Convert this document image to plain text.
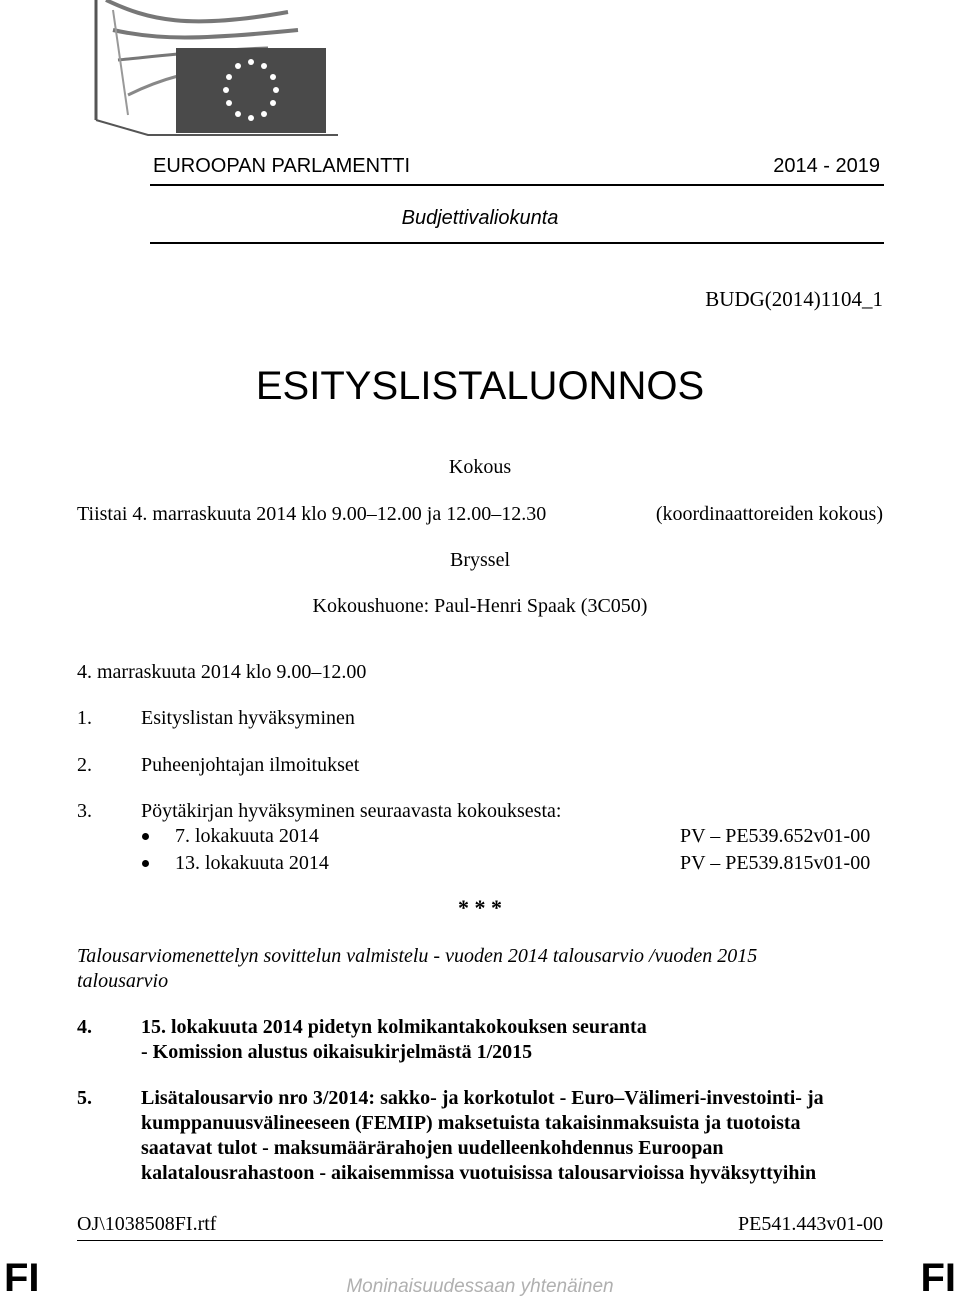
EUROOPAN PARLAMENTTI	2014 - 2019
Budjettivaliokunta
BUDG(2014)1104_1
ESITYSLISTALUONNOS
Kokous
Tiistai 4. marraskuuta 2014 klo 9.00–12.00 ja 12.00–12.30	(koordinaattoreiden kokous)
Bryssel
Kokoushuone: Paul-Henri Spaak (3C050)
4. marraskuuta 2014 klo 9.00–12.00
1. Esityslistan hyväksyminen
2. Puheenjohtajan ilmoitukset
3. Pöytäkirjan hyväksyminen seuraavasta kokouksesta:
7. lokakuuta 2014	PV – PE539.652v01-00
13. lokakuuta 2014	PV – PE539.815v01-00
* * *
Talousarviomenettelyn sovittelun valmistelu - vuoden 2014 talousarvio /vuoden 2015
talousarvio
4. 15. lokakuuta 2014 pidetyn kolmikantakokouksen seuranta
- Komission alustus oikaisukirjelmästä 1/2015
5. Lisätalousarvio nro 3/2014: sakko- ja korkotulot - Euro–Välimeri-investointi- ja
kumppanuusvälineeseen (FEMIP) maksetuista takaisinmaksuista ja tuotoista
saatavat tulot - maksumäärärahojen uudelleenkohdennus Euroopan
kalatalousrahastoon - aikaisemmissa vuotuisissa talousarvioissa hyväksyttyihin
OJ\1038508FI.rtf	PE541.443v01-00
FI	FI
Moninaisuudessaan yhtenäinen
